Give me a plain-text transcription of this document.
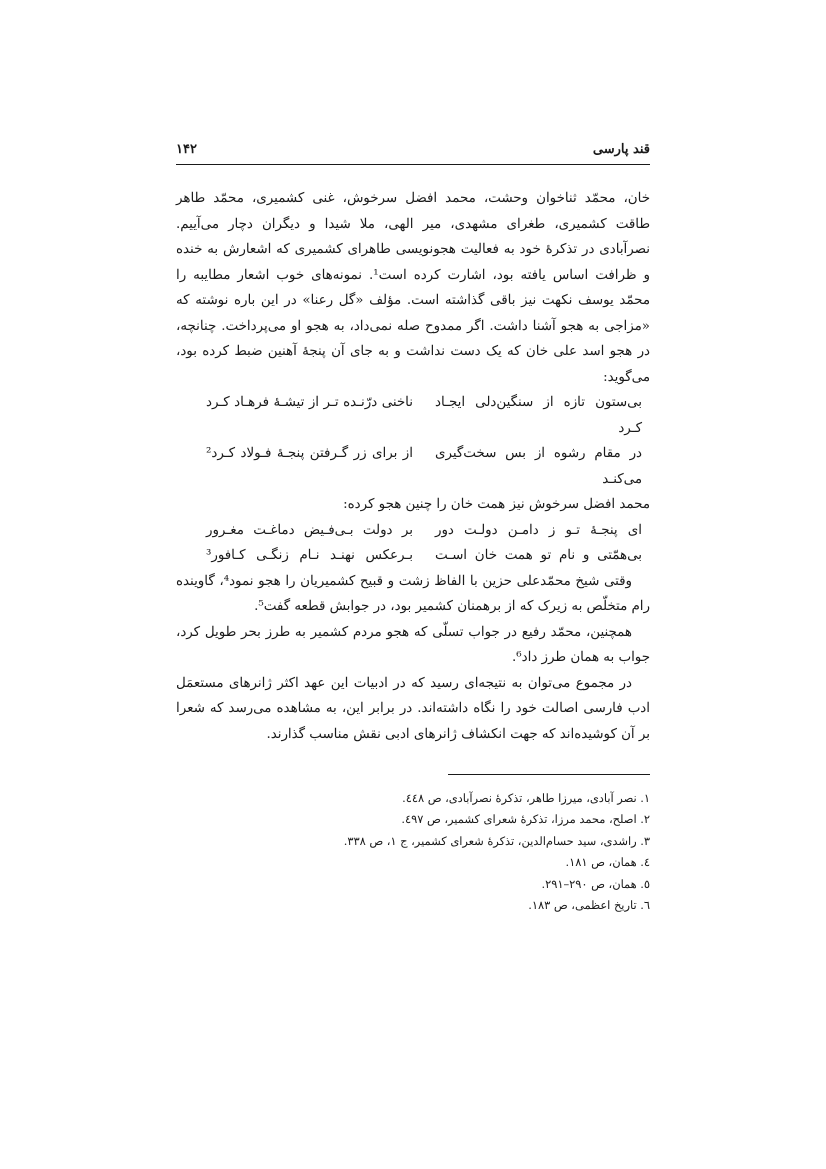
قند پارسی
۱۴۲

خان، محمّد ثناخوان وحشت، محمد افضل سرخوش، غنی کشمیری، محمّد طاهر طاقت کشمیری، طغرای مشهدی، میر الهی، ملا شیدا و دیگران دچار می‌آییم. نصرآبادی در تذکرهٔ خود به فعالیت هجونویسی طاهرای کشمیری که اشعارش به خنده و ظرافت اساس یافته بود، اشارت کرده است¹. نمونه‌های خوب اشعار مطایبه را محمّد یوسف نکهت نیز باقی گذاشته است. مؤلف «گل رعنا» در این باره نوشته که «مزاجی به هجو آشنا داشت. اگر ممدوح صله نمی‌داد، به هجو او می‌پرداخت. چنانچه، در هجو اسد علی خان که یک دست نداشت و به جای آن پنجهٔ آهنین ضبط کرده بود، می‌گوید:

بی‌ستون تازه از سنگین‌دلی ایجـاد کـرد
ناخنی درّنـده تـر از تیشـهٔ فرهـاد کـرد
در مقام رشوه از بس سخت‌گیری می‌کنـد
از برای زر گـرفتن پنجـهٔ فـولاد کـرد²

محمد افضل سرخوش نیز همت خان را چنین هجو کرده:

ای پنجـهٔ تـو ز دامـن دولـت دور
بر دولت بـی‌فـیض دماغـت مغـرور
بی‌همّتی و نام تو همت خان اسـت
بـرعکس نهنـد نـام زنگـی کـافور³

وقتی شیخ محمّدعلی حزین با الفاظ زشت و قبیح کشمیریان را هجو نمود⁴، گاوینده رام متخلّص به زیرک که از برهمنان کشمیر بود، در جوابش قطعه گفت⁵.

همچنین، محمّد رفیع در جواب تسلّی که هجو مردم کشمیر به طرز بحر طویل کرد، جواب به همان طرز داد⁶.

در مجموع می‌توان به نتیجه‌ای رسید که در ادبیات این عهد اکثر ژانرهای مستعمَل ادب فارسی اصالت خود را نگاه داشته‌اند. در برابر این، به مشاهده می‌رسد که شعرا بر آن کوشیده‌اند که جهت انکشاف ژانرهای ادبی نقش مناسب گذارند.

۱. نصر آبادی، میرزا طاهر، تذکرهٔ نصرآبادی، ص ٤٤٨.

۲. اصلح، محمد مرزا، تذکرهٔ شعرای کشمیر، ص ٤٩٧.

۳. راشدی، سید حسام‌الدین، تذکرهٔ شعرای کشمیر، ج ۱، ص ۳۳۸.

٤. همان، ص ۱۸۱.

٥. همان، ص ۲۹۰–۲۹۱.

٦. تاریخ اعظمی، ص ۱۸۳.
